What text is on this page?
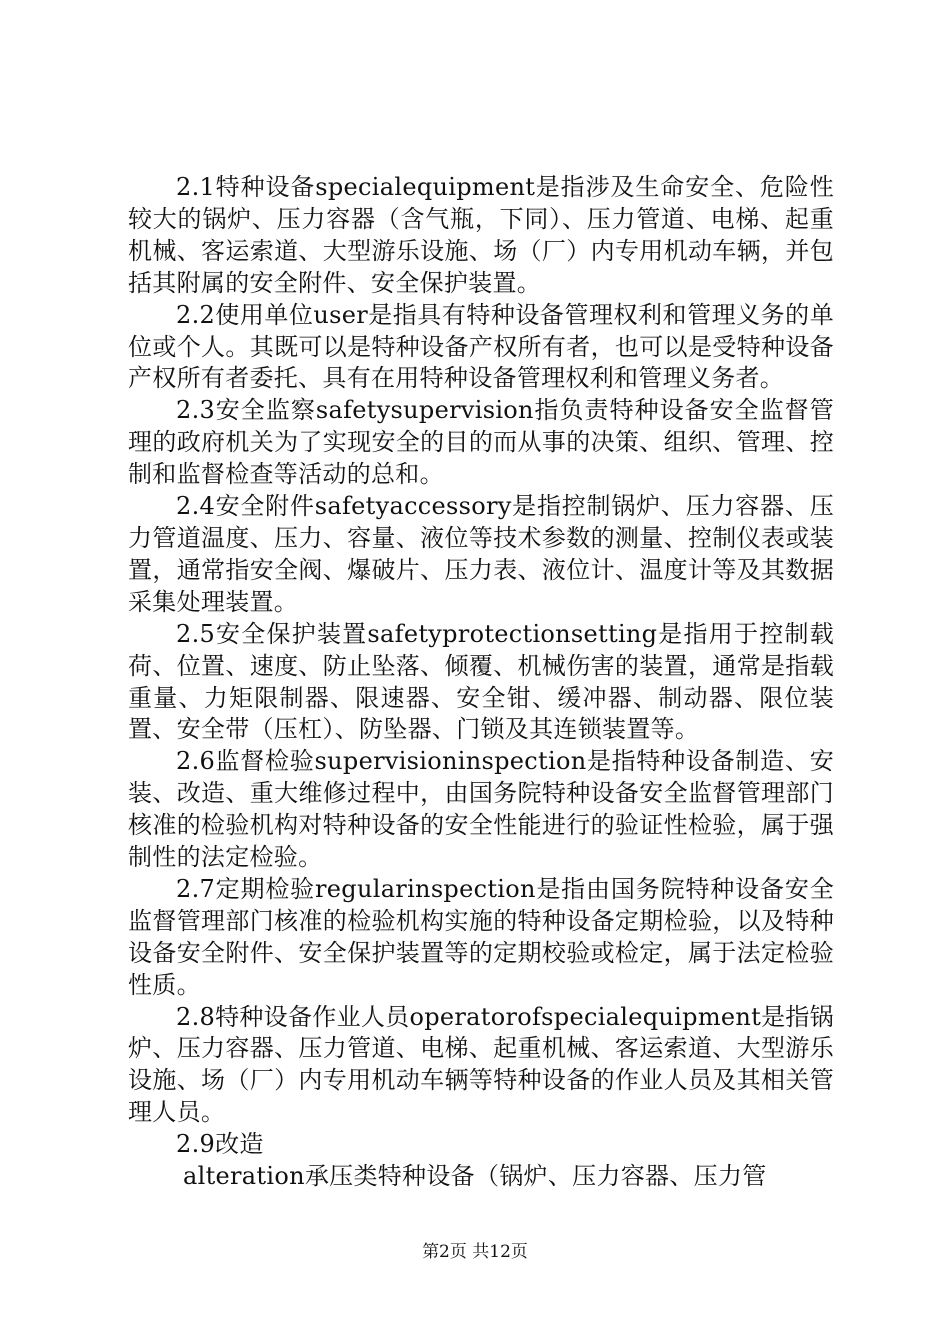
2.1特种设备specialequipment是指涉及生命安全、危险性较大的锅炉、压力容器（含气瓶，下同）、压力管道、电梯、起重机械、客运索道、大型游乐设施、场（厂）内专用机动车辆，并包括其附属的安全附件、安全保护装置。

2.2使用单位user是指具有特种设备管理权利和管理义务的单位或个人。其既可以是特种设备产权所有者，也可以是受特种设备产权所有者委托、具有在用特种设备管理权利和管理义务者。

2.3安全监察safetysupervision指负责特种设备安全监督管理的政府机关为了实现安全的目的而从事的决策、组织、管理、控制和监督检查等活动的总和。

2.4安全附件safetyaccessory是指控制锅炉、压力容器、压力管道温度、压力、容量、液位等技术参数的测量、控制仪表或装置，通常指安全阀、爆破片、压力表、液位计、温度计等及其数据采集处理装置。

2.5安全保护装置safetyprotectionsetting是指用于控制载荷、位置、速度、防止坠落、倾覆、机械伤害的装置，通常是指载重量、力矩限制器、限速器、安全钳、缓冲器、制动器、限位装置、安全带（压杠）、防坠器、门锁及其连锁装置等。

2.6监督检验supervisioninspection是指特种设备制造、安装、改造、重大维修过程中，由国务院特种设备安全监督管理部门核准的检验机构对特种设备的安全性能进行的验证性检验，属于强制性的法定检验。

2.7定期检验regularinspection是指由国务院特种设备安全监督管理部门核准的检验机构实施的特种设备定期检验，以及特种设备安全附件、安全保护装置等的定期校验或检定，属于法定检验性质。

2.8特种设备作业人员operatorofspecialequipment是指锅炉、压力容器、压力管道、电梯、起重机械、客运索道、大型游乐设施、场（厂）内专用机动车辆等特种设备的作业人员及其相关管理人员。

2.9改造

alteration承压类特种设备（锅炉、压力容器、压力管

第2页 共12页
